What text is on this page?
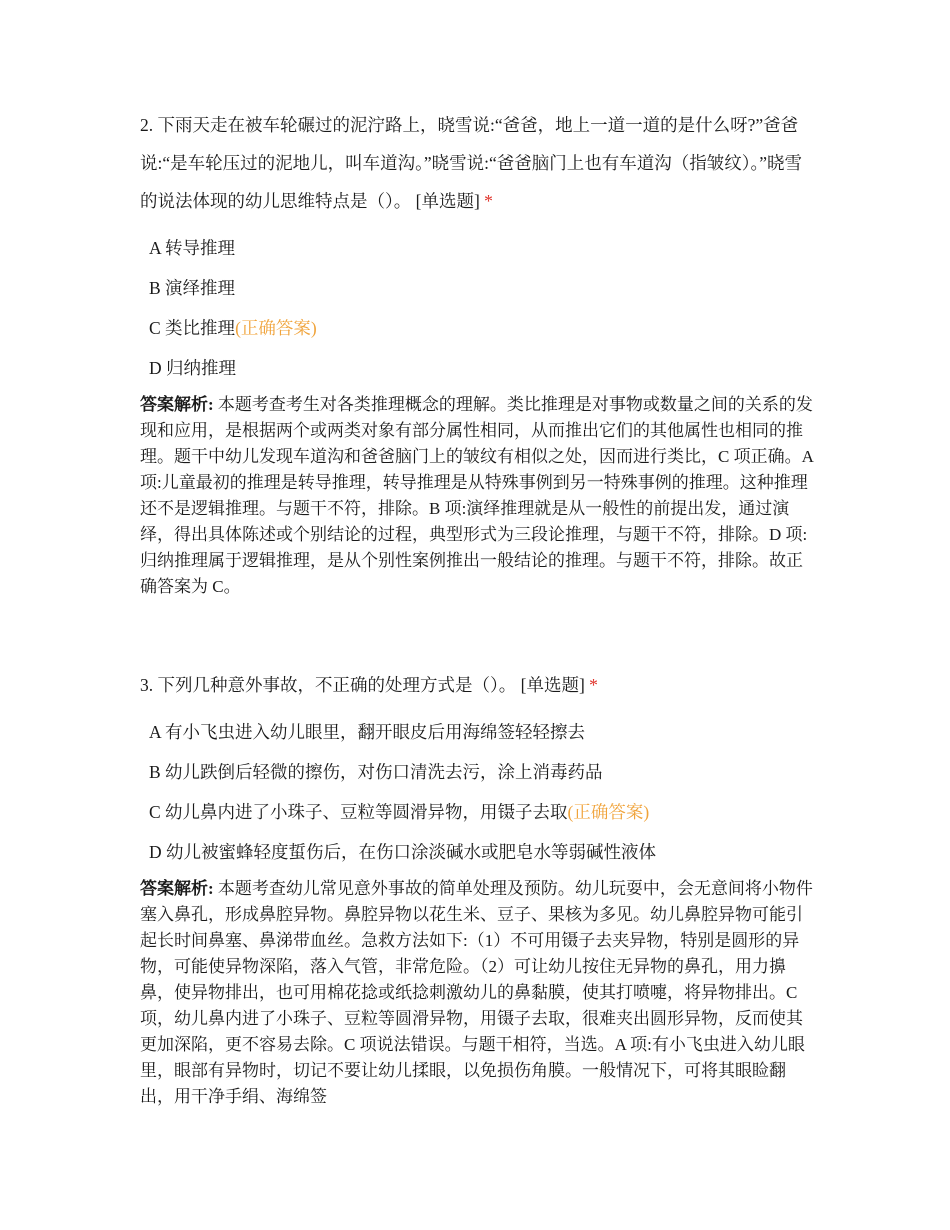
2. 下雨天走在被车轮碾过的泥泞路上，晓雪说:“爸爸，地上一道一道的是什么呀?”爸爸说:“是车轮压过的泥地儿，叫车道沟。”晓雪说:“爸爸脑门上也有车道沟（指皱纹）。”晓雪的说法体现的幼儿思维特点是（）。 [单选题] *

A 转导推理
B 演绎推理
C 类比推理(正确答案)
D 归纳推理

答案解析: 本题考查考生对各类推理概念的理解。类比推理是对事物或数量之间的关系的发现和应用，是根据两个或两类对象有部分属性相同，从而推出它们的其他属性也相同的推理。题干中幼儿发现车道沟和爸爸脑门上的皱纹有相似之处，因而进行类比，C 项正确。A 项:儿童最初的推理是转导推理，转导推理是从特殊事例到另一特殊事例的推理。这种推理还不是逻辑推理。与题干不符，排除。B 项:演绎推理就是从一般性的前提出发，通过演绎，得出具体陈述或个别结论的过程，典型形式为三段论推理，与题干不符，排除。D 项:归纳推理属于逻辑推理，是从个别性案例推出一般结论的推理。与题干不符，排除。故正确答案为 C。

3. 下列几种意外事故，不正确的处理方式是（）。 [单选题] *

A 有小飞虫进入幼儿眼里，翻开眼皮后用海绵签轻轻擦去
B 幼儿跌倒后轻微的擦伤，对伤口清洗去污，涂上消毒药品
C 幼儿鼻内进了小珠子、豆粒等圆滑异物，用镊子去取(正确答案)
D 幼儿被蜜蜂轻度蜇伤后，在伤口涂淡碱水或肥皂水等弱碱性液体

答案解析: 本题考查幼儿常见意外事故的简单处理及预防。幼儿玩耍中，会无意间将小物件塞入鼻孔，形成鼻腔异物。鼻腔异物以花生米、豆子、果核为多见。幼儿鼻腔异物可能引起长时间鼻塞、鼻涕带血丝。急救方法如下:（1）不可用镊子去夹异物，特别是圆形的异物，可能使异物深陷，落入气管，非常危险。（2）可让幼儿按住无异物的鼻孔，用力擤鼻，使异物排出，也可用棉花捻或纸捻刺激幼儿的鼻黏膜，使其打喷嚏，将异物排出。C 项，幼儿鼻内进了小珠子、豆粒等圆滑异物，用镊子去取，很难夹出圆形异物，反而使其更加深陷，更不容易去除。C 项说法错误。与题干相符，当选。A 项:有小飞虫进入幼儿眼里，眼部有异物时，切记不要让幼儿揉眼，以免损伤角膜。一般情况下，可将其眼睑翻出，用干净手绢、海绵签
